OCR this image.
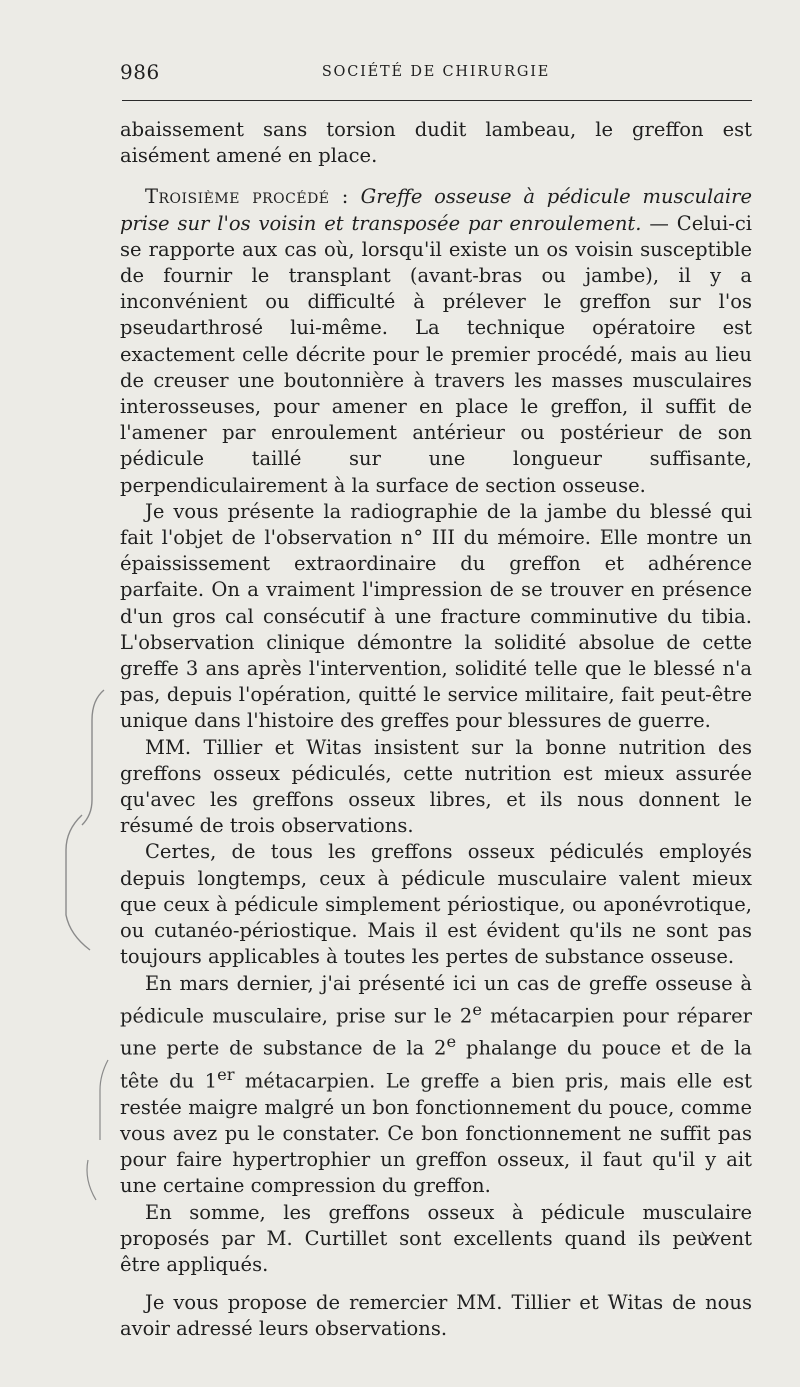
986	SOCIÉTÉ DE CHIRURGIE

abaissement sans torsion dudit lambeau, le greffon est aisément amené en place.

Troisième procédé : Greffe osseuse à pédicule musculaire prise sur l'os voisin et transposée par enroulement. — Celui-ci se rapporte aux cas où, lorsqu'il existe un os voisin susceptible de fournir le transplant (avant-bras ou jambe), il y a inconvénient ou difficulté à prélever le greffon sur l'os pseudarthrosé lui-même. La technique opératoire est exactement celle décrite pour le premier procédé, mais au lieu de creuser une boutonnière à travers les masses musculaires interosseuses, pour amener en place le greffon, il suffit de l'amener par enroulement antérieur ou postérieur de son pédicule taillé sur une longueur suffisante, perpendiculairement à la surface de section osseuse.

Je vous présente la radiographie de la jambe du blessé qui fait l'objet de l'observation n° III du mémoire. Elle montre un épaississement extraordinaire du greffon et adhérence parfaite. On a vraiment l'impression de se trouver en présence d'un gros cal consécutif à une fracture comminutive du tibia. L'observation clinique démontre la solidité absolue de cette greffe 3 ans après l'intervention, solidité telle que le blessé n'a pas, depuis l'opération, quitté le service militaire, fait peut-être unique dans l'histoire des greffes pour blessures de guerre.

MM. Tillier et Witas insistent sur la bonne nutrition des greffons osseux pédiculés, cette nutrition est mieux assurée qu'avec les greffons osseux libres, et ils nous donnent le résumé de trois observations.

Certes, de tous les greffons osseux pédiculés employés depuis longtemps, ceux à pédicule musculaire valent mieux que ceux à pédicule simplement périostique, ou aponévrotique, ou cutanéo-périostique. Mais il est évident qu'ils ne sont pas toujours applicables à toutes les pertes de substance osseuse.

En mars dernier, j'ai présenté ici un cas de greffe osseuse à pédicule musculaire, prise sur le 2e métacarpien pour réparer une perte de substance de la 2e phalange du pouce et de la tête du 1er métacarpien. Le greffe a bien pris, mais elle est restée maigre malgré un bon fonctionnement du pouce, comme vous avez pu le constater. Ce bon fonctionnement ne suffit pas pour faire hypertrophier un greffon osseux, il faut qu'il y ait une certaine compression du greffon.

En somme, les greffons osseux à pédicule musculaire proposés par M. Curtillet sont excellents quand ils peuvent être appliqués.

Je vous propose de remercier MM. Tillier et Witas de nous avoir adressé leurs observations.
